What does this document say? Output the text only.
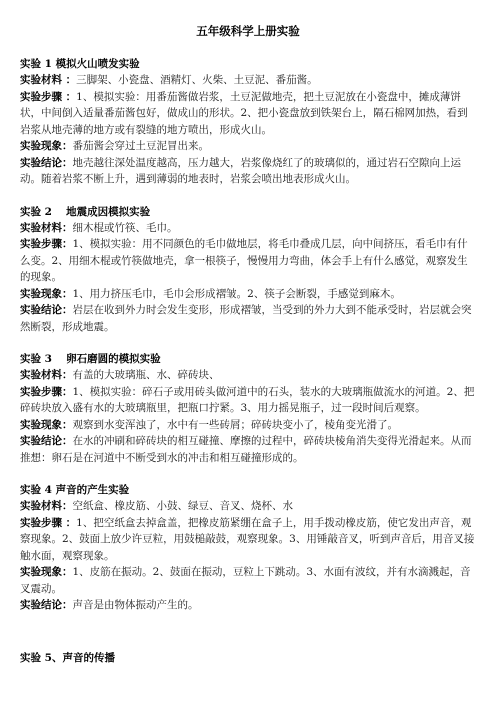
五年级科学上册实验
实验 1 模拟火山喷发实验
实验材料 ：三脚架、小瓷盘、酒精灯、火柴、土豆泥、番茄酱。
实验步骤 ：1、模拟实验：用番茄酱做岩浆，土豆泥做地壳，把土豆泥放在小瓷盘中，摊成薄饼状，中间倒入适量番茄酱包好，做成山的形状。2、把小瓷盘放到铁架台上，隔石棉网加热，看到岩浆从地壳薄的地方或有裂缝的地方喷出，形成火山。
实验现象：番茄酱会穿过土豆泥冒出来。
实验结论：地壳越往深处温度越高，压力越大，岩浆像烧红了的玻璃似的，通过岩石空隙向上运动。随着岩浆不断上升，遇到薄弱的地表时，岩浆会喷出地表形成火山。
实验 2　 地震成因模拟实验
实验材料：细木棍或竹筷、毛巾。
实验步骤：1、模拟实验：用不同颜色的毛巾做地层，将毛巾叠成几层，向中间挤压，看毛巾有什么变。2、用细木棍或竹筷做地壳，拿一根筷子，慢慢用力弯曲，体会手上有什么感觉，观察发生的现象。
实验现象：1、用力挤压毛巾，毛巾会形成褶皱。2、筷子会断裂，手感觉到麻木。
实验结论：岩层在收到外力时会发生变形，形成褶皱，当受到的外力大到不能承受时，岩层就会突然断裂，形成地震。
实验 3　 卵石磨圆的模拟实验
实验材料：有盖的大玻璃瓶、水、碎砖块、
实验步骤：1、模拟实验：碎石子或用砖头做河道中的石头，装水的大玻璃瓶做流水的河道。2、把碎砖块放入盛有水的大玻璃瓶里，把瓶口拧紧。3、用力摇晃瓶子，过一段时间后观察。
实验现象：观察到水变浑浊了，水中有一些砖屑；碎砖块变小了，棱角变光滑了。
实验结论：在水的冲刷和碎砖块的相互碰撞、摩擦的过程中，碎砖块棱角消失变得光滑起来。从而推想：卵石是在河道中不断受到水的冲击和相互碰撞形成的。
实验 4 声音的产生实验
实验材料：空纸盒、橡皮筋、小鼓、绿豆、音叉、烧杯、水
实验步骤 ：1、把空纸盒去掉盒盖，把橡皮筋紧绷在盒子上，用手拨动橡皮筋，使它发出声音，观察现象。2、鼓面上放少许豆粒，用鼓槌敲鼓，观察现象。3、用锤敲音叉，听到声音后，用音叉接触水面，观察现象。
实验现象：1、皮筋在振动。2、鼓面在振动，豆粒上下跳动。3、水面有波纹，并有水滴溅起，音叉震动。
实验结论：声音是由物体振动产生的。
实验 5、声音的传播
